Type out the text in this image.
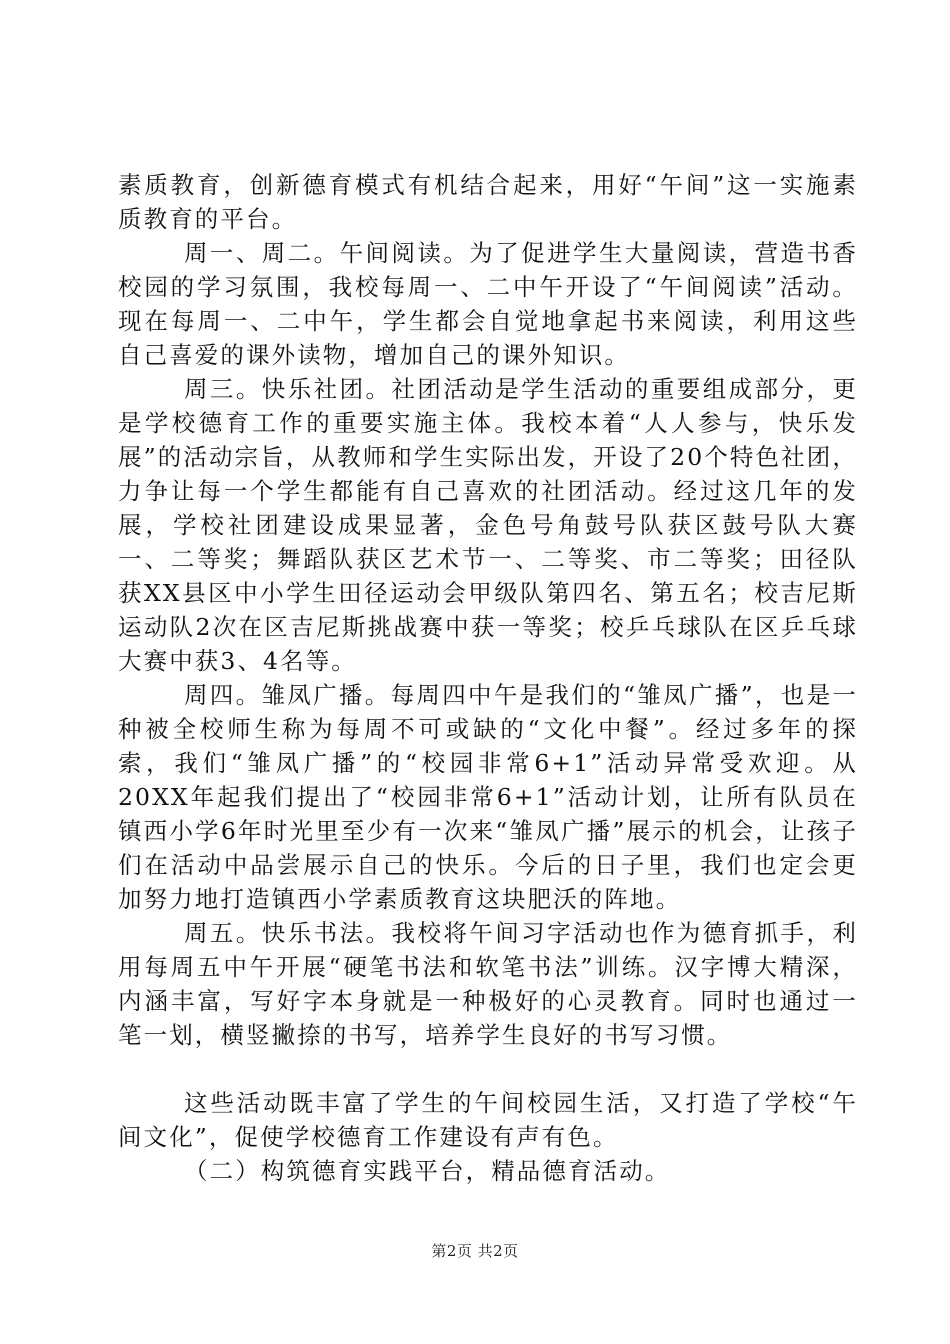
素质教育，创新德育模式有机结合起来，用好“午间”这一实施素质教育的平台。

周一、周二。午间阅读。为了促进学生大量阅读，营造书香校园的学习氛围，我校每周一、二中午开设了“午间阅读”活动。现在每周一、二中午，学生都会自觉地拿起书来阅读，利用这些自己喜爱的课外读物，增加自己的课外知识。

周三。快乐社团。社团活动是学生活动的重要组成部分，更是学校德育工作的重要实施主体。我校本着“人人参与，快乐发展”的活动宗旨，从教师和学生实际出发，开设了20个特色社团，力争让每一个学生都能有自己喜欢的社团活动。经过这几年的发展，学校社团建设成果显著，金色号角鼓号队获区鼓号队大赛一、二等奖；舞蹈队获区艺术节一、二等奖、市二等奖；田径队获XX县区中小学生田径运动会甲级队第四名、第五名；校吉尼斯运动队2次在区吉尼斯挑战赛中获一等奖；校乒乓球队在区乒乓球大赛中获3、4名等。

周四。雏凤广播。每周四中午是我们的“雏凤广播”，也是一种被全校师生称为每周不可或缺的“文化中餐”。经过多年的探索，我们“雏凤广播”的“校园非常6+1”活动异常受欢迎。从20XX年起我们提出了“校园非常6+1”活动计划，让所有队员在镇西小学6年时光里至少有一次来“雏凤广播”展示的机会，让孩子们在活动中品尝展示自己的快乐。今后的日子里，我们也定会更加努力地打造镇西小学素质教育这块肥沃的阵地。

周五。快乐书法。我校将午间习字活动也作为德育抓手，利用每周五中午开展“硬笔书法和软笔书法”训练。汉字博大精深，内涵丰富，写好字本身就是一种极好的心灵教育。同时也通过一笔一划，横竖撇捺的书写，培养学生良好的书写习惯。

这些活动既丰富了学生的午间校园生活，又打造了学校“午间文化”，促使学校德育工作建设有声有色。

（二）构筑德育实践平台，精品德育活动。

第2页 共2页
